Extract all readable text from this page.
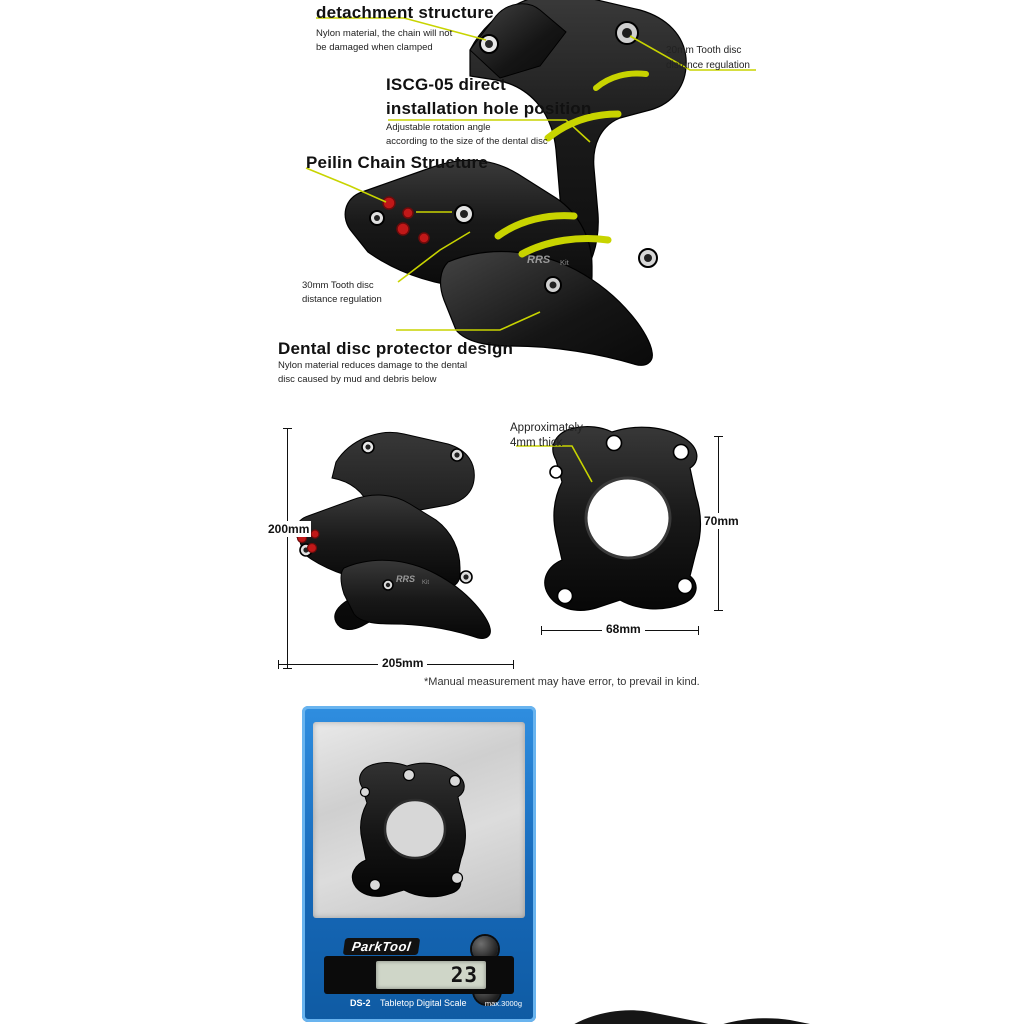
RRS Kit
detachment structure
Nylon material, the chain will not
be damaged when clamped	20mm Tooth disc
distance regulation
ISCG-05 direct
installation hole position
Adjustable rotation angle
according to the size of the dental disc
Peilin Chain Structure
30mm Tooth disc
distance regulation
Dental disc protector design
Nylon material reduces damage to the dental
disc caused by mud and debris below
RRS Kit
200mm
205mm
70mm
68mm
Approximately
4mm thick
*Manual measurement may have error, to prevail in kind.
ParkTool
23
DS-2 Tabletop Digital Scale max.3000g
